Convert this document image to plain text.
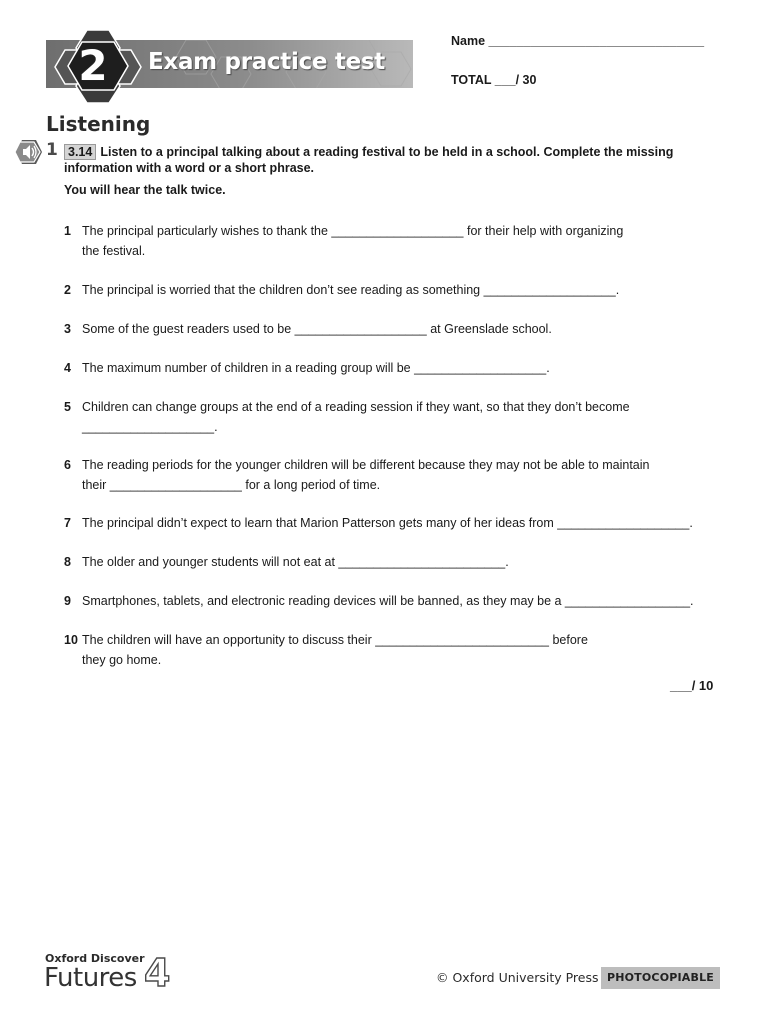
Exam practice test
2	Name _______________________________
TOTAL ___/ 30
Listening
1 3.14 Listen to a principal talking about a reading festival to be held in a school. Complete the missing information with a word or a short phrase.
You will hear the talk twice.
1 The principal particularly wishes to thank the ___________________ for their help with organizing
the festival.
2 The principal is worried that the children don’t see reading as something ___________________.
3 Some of the guest readers used to be ___________________ at Greenslade school.
4 The maximum number of children in a reading group will be ___________________.
5 Children can change groups at the end of a reading session if they want, so that they don’t become
___________________.
6 The reading periods for the younger children will be different because they may not be able to maintain
their ___________________ for a long period of time.
7 The principal didn’t expect to learn that Marion Patterson gets many of her ideas from ___________________.
8 The older and younger students will not eat at ________________________.
9 Smartphones, tablets, and electronic reading devices will be banned, as they may be a __________________.
10 The children will have an opportunity to discuss their _________________________ before
they go home.
___/ 10
Oxford Discover
Futures 4	© Oxford University Press PHOTOCOPIABLE
